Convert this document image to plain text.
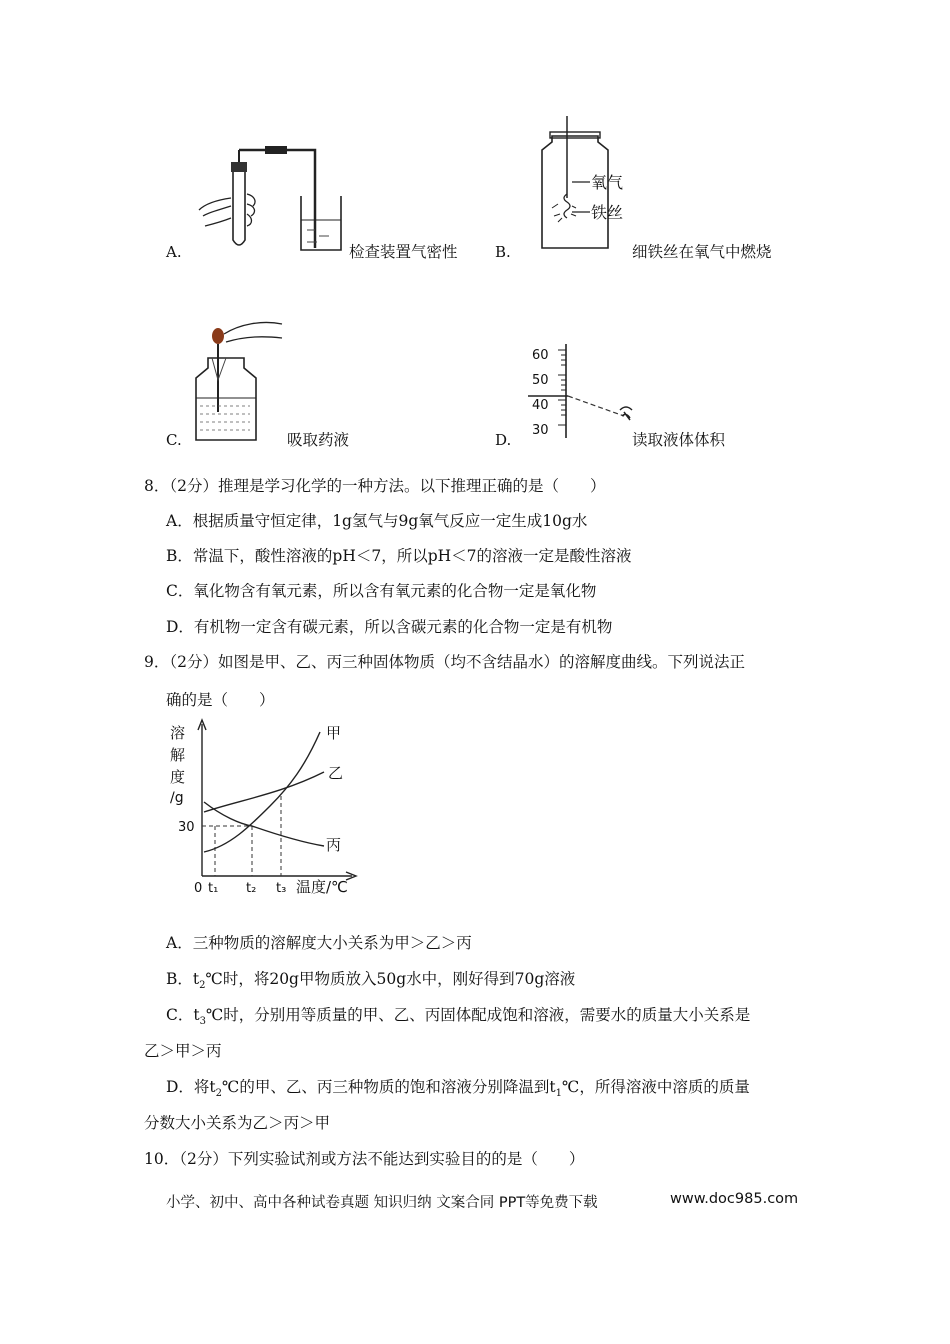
A.	检查装置气密性 B.
氧气
铁丝
细铁丝在氧气中燃烧
C.	吸取药液	D.
60
50
40
30
读取液体体积
8．（2分）推理是学习化学的一种方法。以下推理正确的是（　　）
A．根据质量守恒定律，1g氢气与9g氧气反应一定生成10g水
B．常温下，酸性溶液的pH＜7，所以pH＜7的溶液一定是酸性溶液
C．氧化物含有氧元素，所以含有氧元素的化合物一定是氧化物
D．有机物一定含有碳元素，所以含碳元素的化合物一定是有机物
9．（2分）如图是甲、乙、丙三种固体物质（均不含结晶水）的溶解度曲线。下列说法正
确的是（　　）
溶
解
度
/g
30
甲
乙
丙
0 t₁ t₂ t₃ 温度/℃
A．三种物质的溶解度大小关系为甲＞乙＞丙
B．$t_2℃$时，将20g甲物质放入50g水中，刚好得到70g溶液
C．$t_3℃$时，分别用等质量的甲、乙、丙固体配成饱和溶液，需要水的质量大小关系是
乙＞甲＞丙
D．将$t_2℃$的甲、乙、丙三种物质的饱和溶液分别降温到$t_1℃$，所得溶液中溶质的质量
分数大小关系为乙＞丙＞甲
10．（2分）下列实验试剂或方法不能达到实验目的的是（　　）
小学、初中、高中各种试卷真题 知识归纳 文案合同 PPT等免费下载	www.doc985.com
